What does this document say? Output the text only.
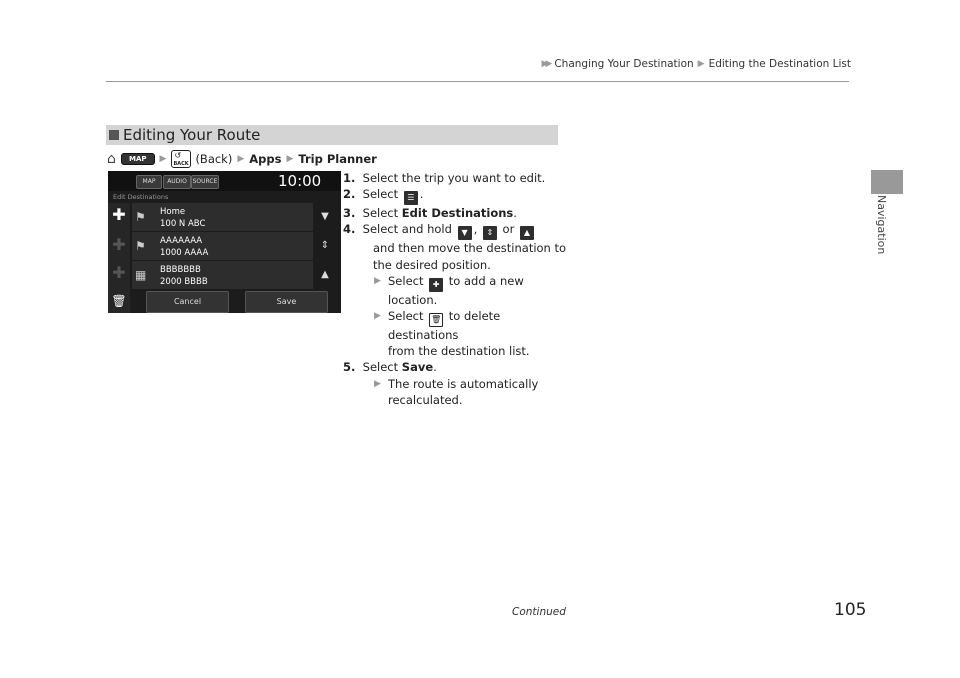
▶▶ Changing Your Destination ▶ Editing the Destination List
Navigation
Editing Your Route
⌂	MAP	▶ ↺
BACK (Back) ▶ Apps ▶ Trip Planner
MAP	AUDIO SOURCE	10:00
Edit Destinations
✚
✚
✚
🗑
⚑ Home
100 N ABC
⚑ AAAAAAA
1000 AAAA
▦ BBBBBBB
2000 BBBB
▼
⇕
▲
Cancel	Save
1. Select the trip you want to edit.
2. Select ☰ .
3. Select Edit Destinations.
4. Select and hold ▼ , ⇕ or ▲
and then move the destination to
the desired position.
▶ Select ✚ to add a new
location.
▶ Select 🗑 to delete destinations
from the destination list.
5. Select Save.
▶ The route is automatically
recalculated.
Continued	105
